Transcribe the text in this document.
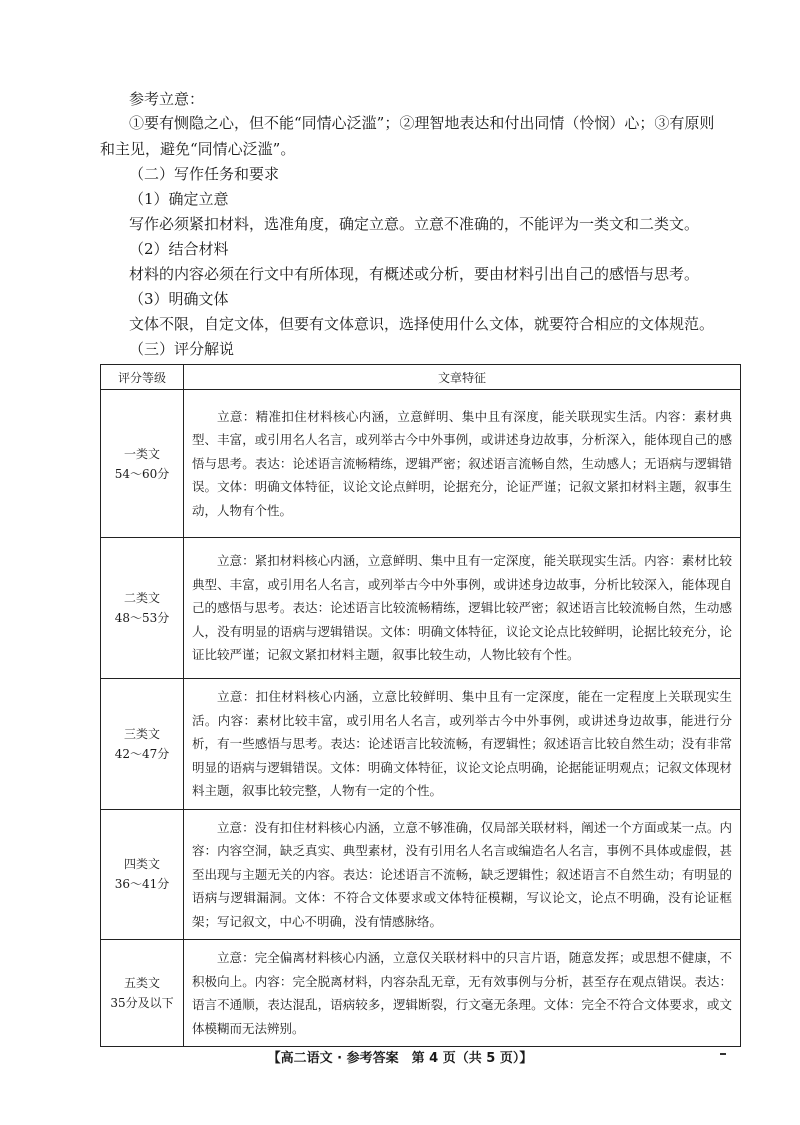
参考立意：
①要有恻隐之心，但不能“同情心泛滥”；②理智地表达和付出同情（怜悯）心；③有原则
和主见，避免“同情心泛滥”。
（二）写作任务和要求
（1）确定立意
写作必须紧扣材料，选准角度，确定立意。立意不准确的，不能评为一类文和二类文。
（2）结合材料
材料的内容必须在行文中有所体现，有概述或分析，要由材料引出自己的感悟与思考。
（3）明确文体
文体不限，自定文体，但要有文体意识，选择使用什么文体，就要符合相应的文体规范。
（三）评分解说
评分等级	文章特征

一类文
54～60分	立意：精准扣住材料核心内涵，立意鲜明、集中且有深度，能关联现实生活。内容：素材典型、丰富，或引用名人名言，或列举古今中外事例，或讲述身边故事，分析深入，能体现自己的感悟与思考。表达：论述语言流畅精练，逻辑严密；叙述语言流畅自然，生动感人；无语病与逻辑错误。文体：明确文体特征，议论文论点鲜明，论据充分，论证严谨；记叙文紧扣材料主题，叙事生动，人物有个性。

二类文
48～53分	立意：紧扣材料核心内涵，立意鲜明、集中且有一定深度，能关联现实生活。内容：素材比较典型、丰富，或引用名人名言，或列举古今中外事例，或讲述身边故事，分析比较深入，能体现自己的感悟与思考。表达：论述语言比较流畅精练，逻辑比较严密；叙述语言比较流畅自然，生动感人，没有明显的语病与逻辑错误。文体：明确文体特征，议论文论点比较鲜明，论据比较充分，论证比较严谨；记叙文紧扣材料主题，叙事比较生动，人物比较有个性。

三类文
42～47分	立意：扣住材料核心内涵，立意比较鲜明、集中且有一定深度，能在一定程度上关联现实生活。内容：素材比较丰富，或引用名人名言，或列举古今中外事例，或讲述身边故事，能进行分析，有一些感悟与思考。表达：论述语言比较流畅，有逻辑性；叙述语言比较自然生动；没有非常明显的语病与逻辑错误。文体：明确文体特征，议论文论点明确，论据能证明观点；记叙文体现材料主题，叙事比较完整，人物有一定的个性。

四类文
36～41分	立意：没有扣住材料核心内涵，立意不够准确，仅局部关联材料，阐述一个方面或某一点。内容：内容空洞，缺乏真实、典型素材，没有引用名人名言或编造名人名言，事例不具体或虚假，甚至出现与主题无关的内容。表达：论述语言不流畅，缺乏逻辑性；叙述语言不自然生动；有明显的语病与逻辑漏洞。文体：不符合文体要求或文体特征模糊，写议论文，论点不明确，没有论证框架；写记叙文，中心不明确，没有情感脉络。

五类文
35分及以下	立意：完全偏离材料核心内涵，立意仅关联材料中的只言片语，随意发挥；或思想不健康，不积极向上。内容：完全脱离材料，内容杂乱无章，无有效事例与分析，甚至存在观点错误。表达：语言不通顺，表达混乱，语病较多，逻辑断裂，行文毫无条理。文体：完全不符合文体要求，或文体模糊而无法辨别。
【高二语文 · 参考答案　第 4 页（共 5 页）】
